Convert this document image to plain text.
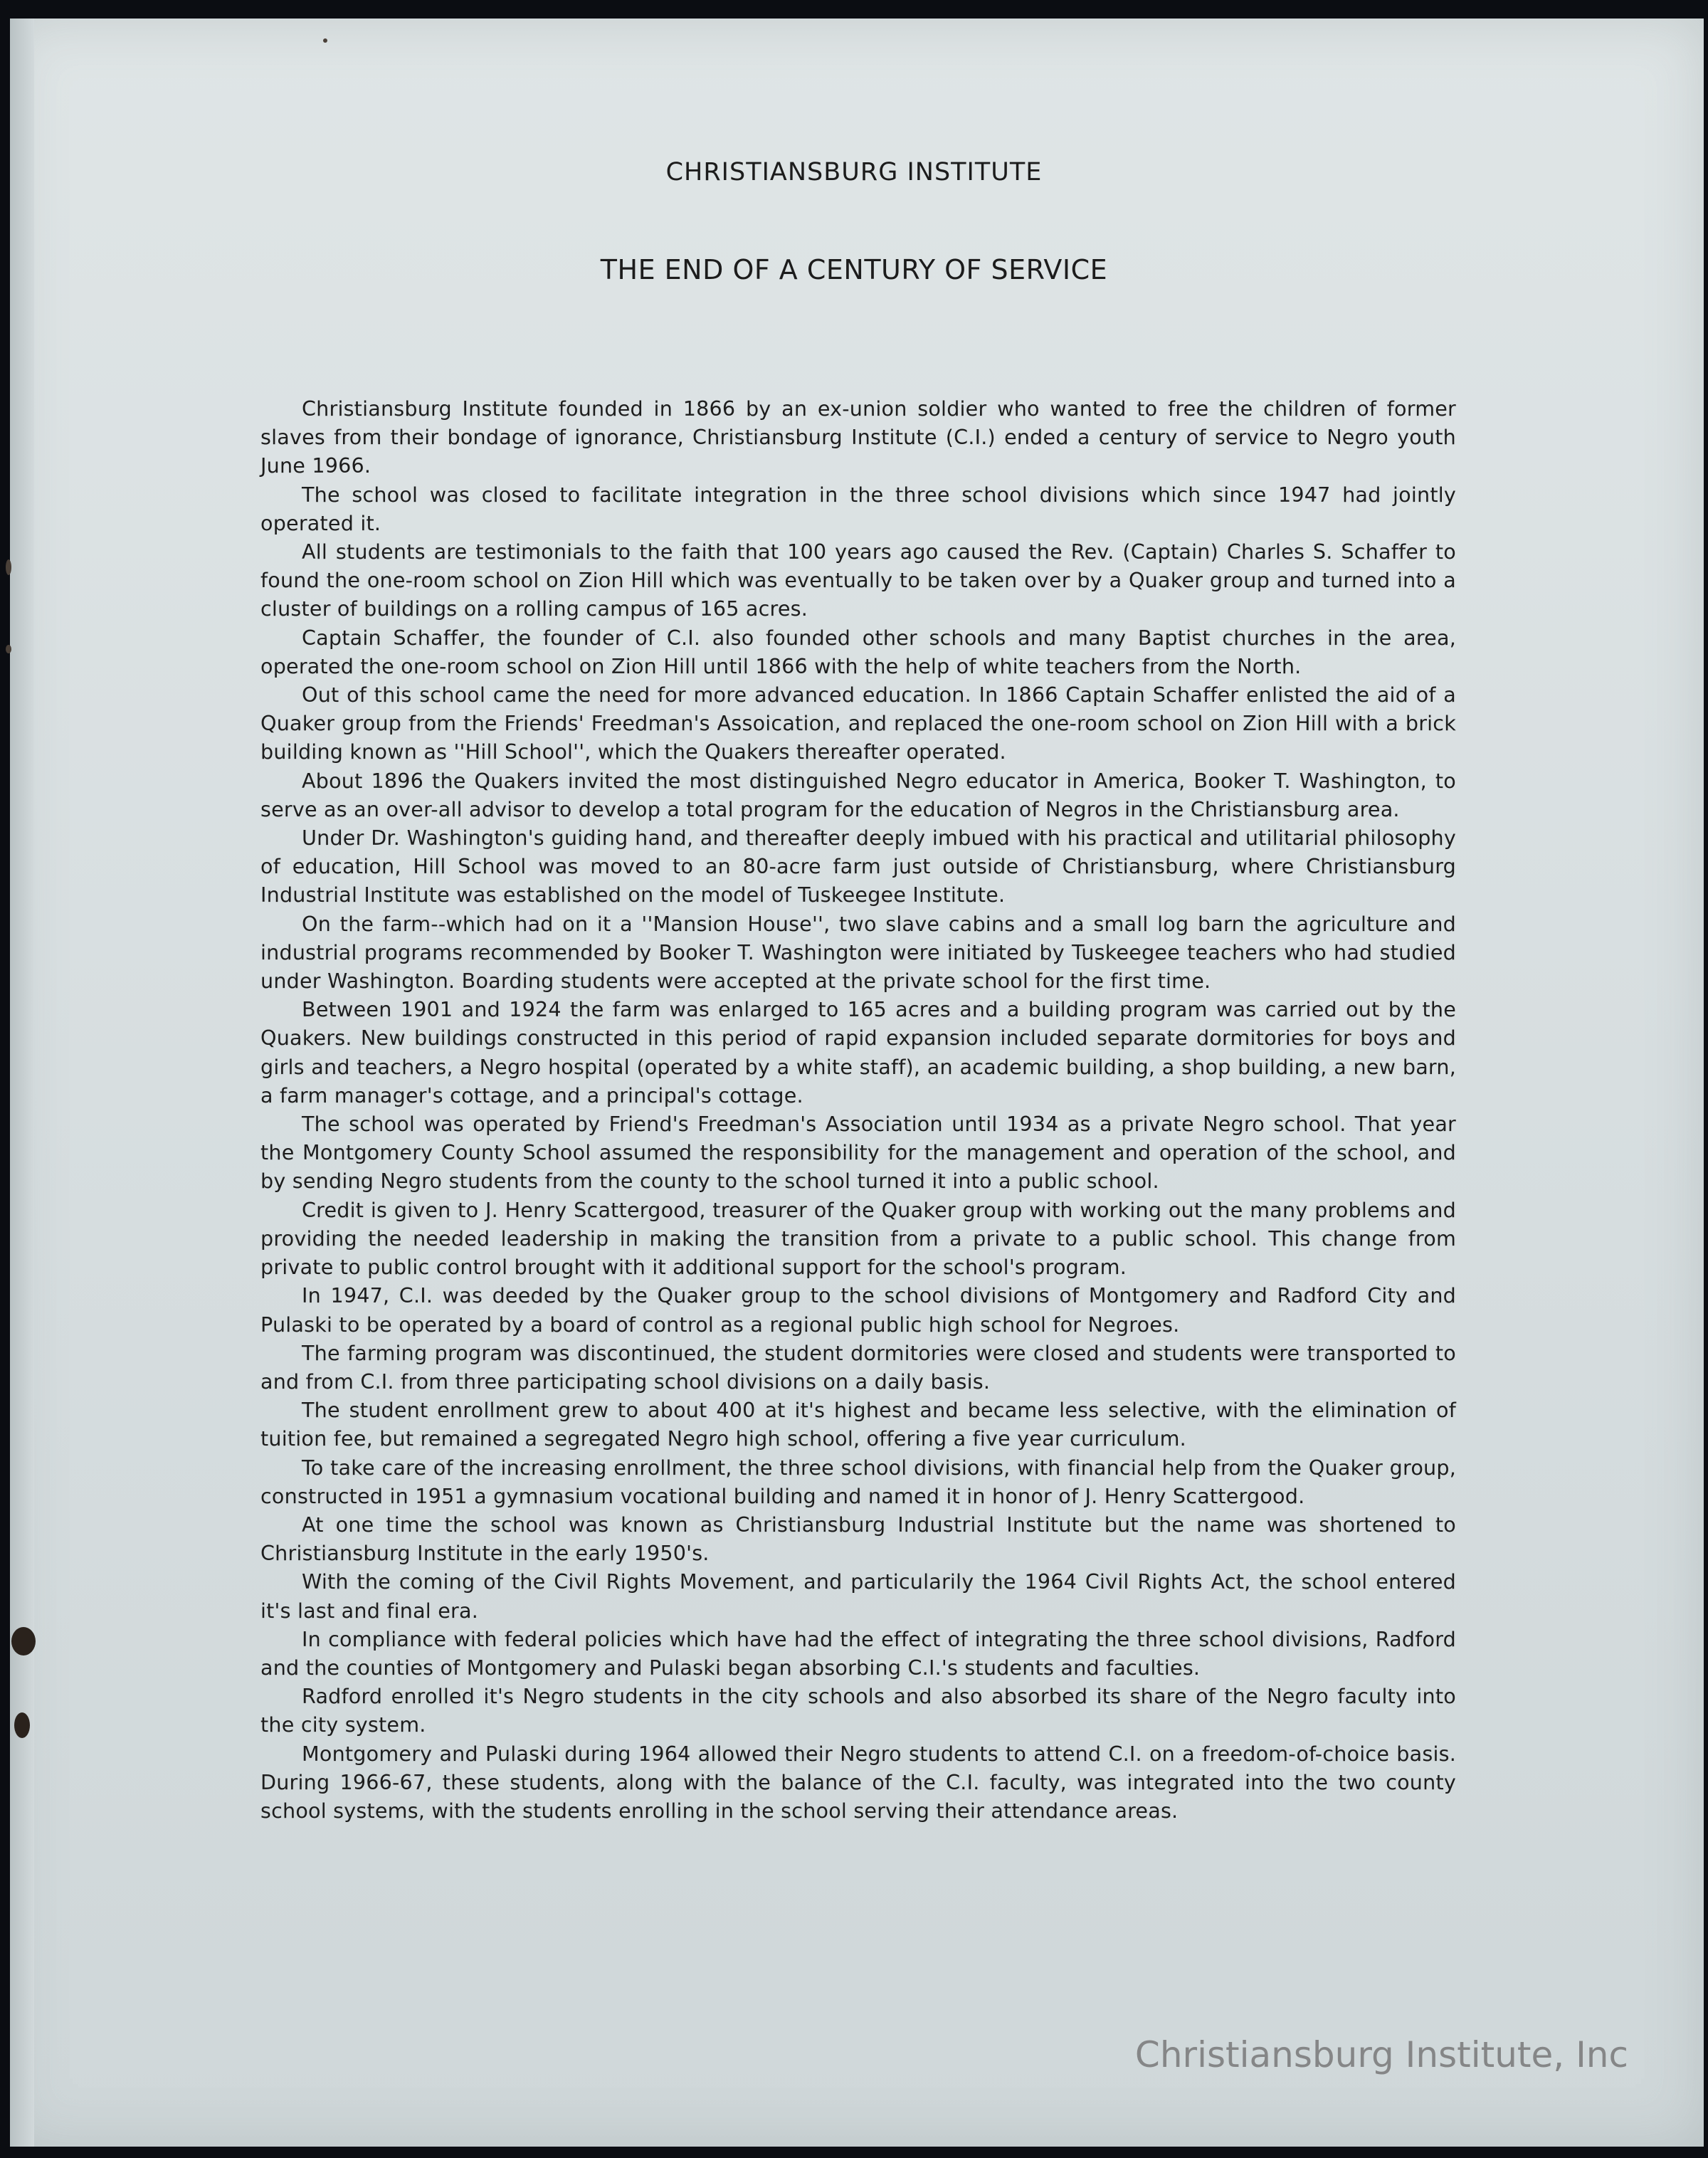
CHRISTIANSBURG INSTITUTE
THE END OF A CENTURY OF SERVICE

Christiansburg Institute founded in 1866 by an ex-union soldier who wanted to free the children of former slaves from their bondage of ignorance, Christiansburg Institute (C.I.) ended a century of service to Negro youth June 1966.

The school was closed to facilitate integration in the three school divisions which since 1947 had jointly operated it.

All students are testimonials to the faith that 100 years ago caused the Rev. (Captain) Charles S. Schaffer to found the one-room school on Zion Hill which was eventually to be taken over by a Quaker group and turned into a cluster of buildings on a rolling campus of 165 acres.

Captain Schaffer, the founder of C.I. also founded other schools and many Baptist churches in the area, operated the one-room school on Zion Hill until 1866 with the help of white teachers from the North.

Out of this school came the need for more advanced education. In 1866 Captain Schaffer enlisted the aid of a Quaker group from the Friends' Freedman's Assoication, and replaced the one-room school on Zion Hill with a brick building known as ''Hill School'', which the Quakers thereafter operated.

About 1896 the Quakers invited the most distinguished Negro educator in America, Booker T. Washington, to serve as an over-all advisor to develop a total program for the education of Negros in the Christiansburg area.

Under Dr. Washington's guiding hand, and thereafter deeply imbued with his practical and utilitarial philosophy of education, Hill School was moved to an 80-acre farm just outside of Christiansburg, where Christiansburg Industrial Institute was established on the model of Tuskeegee Institute.

On the farm--which had on it a ''Mansion House'', two slave cabins and a small log barn the agriculture and industrial programs recommended by Booker T. Washington were initiated by Tuskeegee teachers who had studied under Washington. Boarding students were accepted at the private school for the first time.

Between 1901 and 1924 the farm was enlarged to 165 acres and a building program was carried out by the Quakers. New buildings constructed in this period of rapid expansion included separate dormitories for boys and girls and teachers, a Negro hospital (operated by a white staff), an academic building, a shop building, a new barn, a farm manager's cottage, and a principal's cottage.

The school was operated by Friend's Freedman's Association until 1934 as a private Negro school. That year the Montgomery County School assumed the responsibility for the management and operation of the school, and by sending Negro students from the county to the school turned it into a public school.

Credit is given to J. Henry Scattergood, treasurer of the Quaker group with working out the many problems and providing the needed leadership in making the transition from a private to a public school. This change from private to public control brought with it additional support for the school's program.

In 1947, C.I. was deeded by the Quaker group to the school divisions of Montgomery and Radford City and Pulaski to be operated by a board of control as a regional public high school for Negroes.

The farming program was discontinued, the student dormitories were closed and students were transported to and from C.I. from three participating school divisions on a daily basis.

The student enrollment grew to about 400 at it's highest and became less selective, with the elimination of tuition fee, but remained a segregated Negro high school, offering a five year curriculum.

To take care of the increasing enrollment, the three school divisions, with financial help from the Quaker group, constructed in 1951 a gymnasium vocational building and named it in honor of J. Henry Scattergood.

At one time the school was known as Christiansburg Industrial Institute but the name was shortened to Christiansburg Institute in the early 1950's.

With the coming of the Civil Rights Movement, and particularily the 1964 Civil Rights Act, the school entered it's last and final era.

In compliance with federal policies which have had the effect of integrating the three school divisions, Radford and the counties of Montgomery and Pulaski began absorbing C.I.'s students and faculties.

Radford enrolled it's Negro students in the city schools and also absorbed its share of the Negro faculty into the city system.

Montgomery and Pulaski during 1964 allowed their Negro students to attend C.I. on a freedom-of-choice basis. During 1966-67, these students, along with the balance of the C.I. faculty, was integrated into the two county school systems, with the students enrolling in the school serving their attendance areas.

Christiansburg Institute, Inc
